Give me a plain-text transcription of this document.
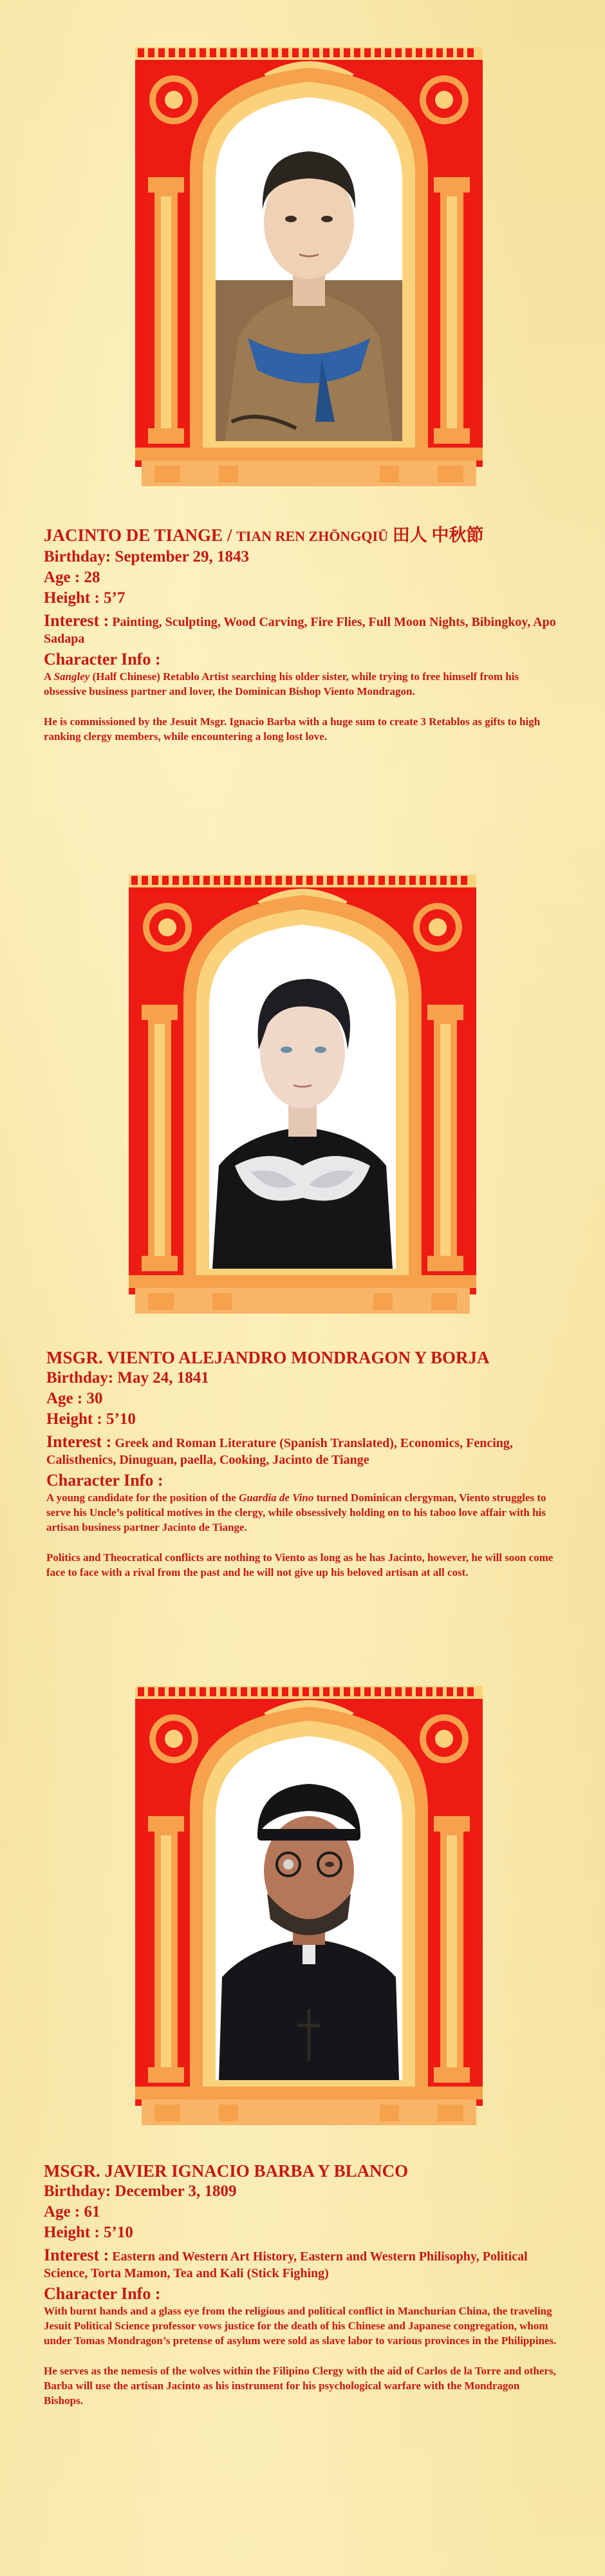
JACINTO DE TIANGE / TIAN REN ZHŌNGQIŪ 田人 中秋節
Birthday: September 29, 1843
Age : 28
Height : 5’7
Interest : Painting, Sculpting, Wood Carving, Fire Flies, Full Moon Nights, Bibingkoy, Apo Sadapa
Character Info :
A Sangley (Half Chinese) Retablo Artist searching his older sister, while trying to free himself from his obsessive business partner and lover, the Dominican Bishop Viento Mondragon.
He is commissioned by the Jesuit Msgr. Ignacio Barba with a huge sum to create 3 Retablos as gifts to high ranking clergy members, while encountering a long lost love.
MSGR. VIENTO ALEJANDRO MONDRAGON Y BORJA
Birthday: May 24, 1841
Age : 30
Height : 5’10
Interest : Greek and Roman Literature (Spanish Translated), Economics, Fencing, Calisthenics, Dinuguan, paella, Cooking, Jacinto de Tiange
Character Info :
A young candidate for the position of the Guardia de Vino turned Dominican clergyman, Viento struggles to serve his Uncle’s political motives in the clergy, while obsessively holding on to his taboo love affair with his artisan business partner Jacinto de Tiange.
Politics and Theocratical conflicts are nothing to Viento as long as he has Jacinto, however, he will soon come face to face with a rival from the past and he will not give up his beloved artisan at all cost.
MSGR. JAVIER IGNACIO BARBA Y BLANCO
Birthday: December 3, 1809
Age : 61
Height : 5’10
Interest : Eastern and Western Art History, Eastern and Western Philisophy, Political Science, Torta Mamon, Tea and Kali (Stick Fighing)
Character Info :
With burnt hands and a glass eye from the religious and political conflict in Manchurian China, the traveling Jesuit Political Science professor vows justice for the death of his Chinese and Japanese congregation, whom under Tomas Mondragon’s pretense of asylum were sold as slave labor to various provinces in the Philippines.
He serves as the nemesis of the wolves within the Filipino Clergy with the aid of Carlos de la Torre and others, Barba will use the artisan Jacinto as his instrument for his psychological warfare with the Mondragon Bishops.
